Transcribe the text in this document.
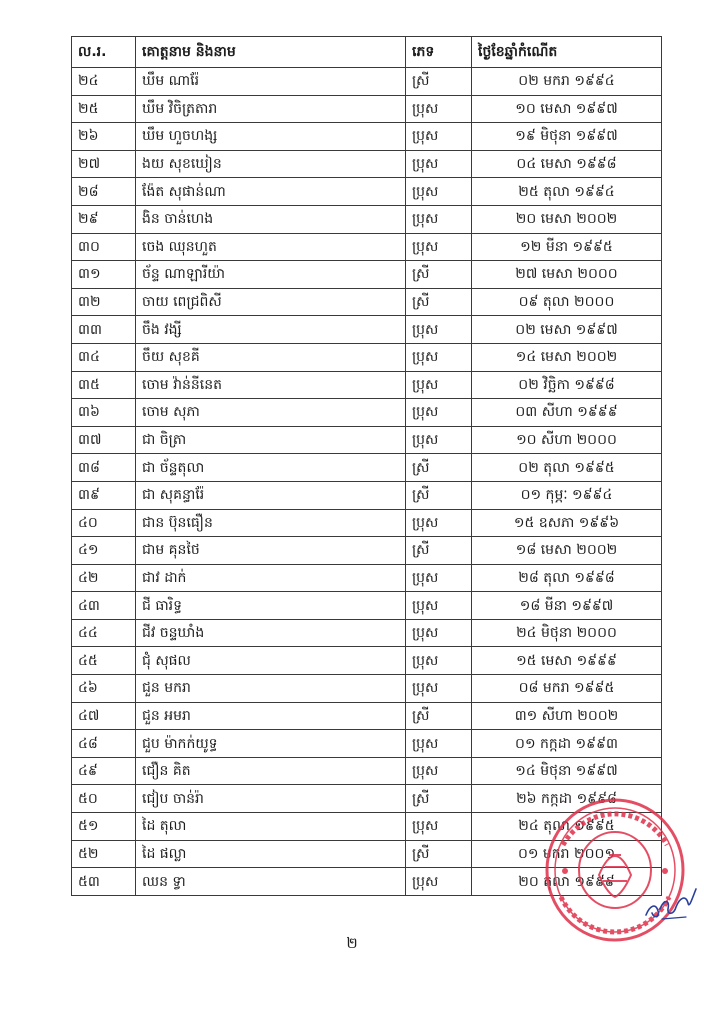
ល.រ.	គោត្តនាម និងនាម	ភេទ	ថ្ងៃខែឆ្នាំកំណើត
២៤	ឃឹម ណារ៉ែ	ស្រី	០២ មករា ១៩៩៤
២៥	ឃឹម វិចិត្រតារា	ប្រុស	១០ មេសា ១៩៩៧
២៦	ឃឹម ហួចហង្ស	ប្រុស	១៩ មិថុនា ១៩៩៧
២៧	ងយ សុខឃៀន	ប្រុស	០៤ មេសា ១៩៩៨
២៨	ង៉ែត សុផាន់ណា	ប្រុស	២៥ តុលា ១៩៩៤
២៩	ងិន ចាន់ហេង	ប្រុស	២០ មេសា ២០០២
៣០	ចេង ឈុនហួត	ប្រុស	១២ មីនា ១៩៩៥
៣១	ច័ន្ទ ណាឡារីយ៉ា	ស្រី	២៧ មេសា ២០០០
៣២	ចាយ ពេជ្រពិសី	ស្រី	០៩ តុលា ២០០០
៣៣	ចឹង វង្សី	ប្រុស	០២ មេសា ១៩៩៧
៣៤	ចឹយ សុខគី	ប្រុស	១៤ មេសា ២០០២
៣៥	ចោម វ៉ាន់នីនេត	ប្រុស	០២ វិច្ឆិកា ១៩៩៨
៣៦	ចោម សុភា	ប្រុស	០៣ សីហា ១៩៩៩
៣៧	ជា ចិត្រា	ប្រុស	១០ សីហា ២០០០
៣៨	ជា ច័ន្ទតុលា	ស្រី	០២ តុលា ១៩៩៥
៣៩	ជា សុគន្ធារ៉ែ	ស្រី	០១ កុម្ភៈ ១៩៩៤
៤០	ជាន ប៊ុនធឿន	ប្រុស	១៥ ឧសភា ១៩៩៦
៤១	ជាម គុនថៃ	ស្រី	១៨ មេសា ២០០២
៤២	ជាវ ដាក់	ប្រុស	២៨ តុលា ១៩៩៨
៤៣	ជី ធារិទ្ធ	ប្រុស	១៨ មីនា ១៩៩៧
៤៤	ជីវ ចន្ទឃាំង	ប្រុស	២៤ មិថុនា ២០០០
៤៥	ជុំ សុផល	ប្រុស	១៥ មេសា ១៩៩៩
៤៦	ជួន មករា	ប្រុស	០៨ មករា ១៩៩៥
៤៧	ជួន អមរា	ស្រី	៣១ សីហា ២០០២
៤៨	ជួប ម៉ាកក់យូទ្ធ	ប្រុស	០១ កក្កដា ១៩៩៣
៤៩	ជឿន គិត	ប្រុស	១៤ មិថុនា ១៩៩៧
៥០	ជៀប ចាន់រ៉ា	ស្រី	២៦ កក្កដា ១៩៩៨
៥១	ដៃ តុលា	ប្រុស	២៤ តុលា ១៩៩៥
៥២	ដៃ ផល្លា	ស្រី	០១ មករា ២០០១
៥៣	ឈន ទ្វា	ប្រុស	២០ តុលា ១៩៩៩
២
